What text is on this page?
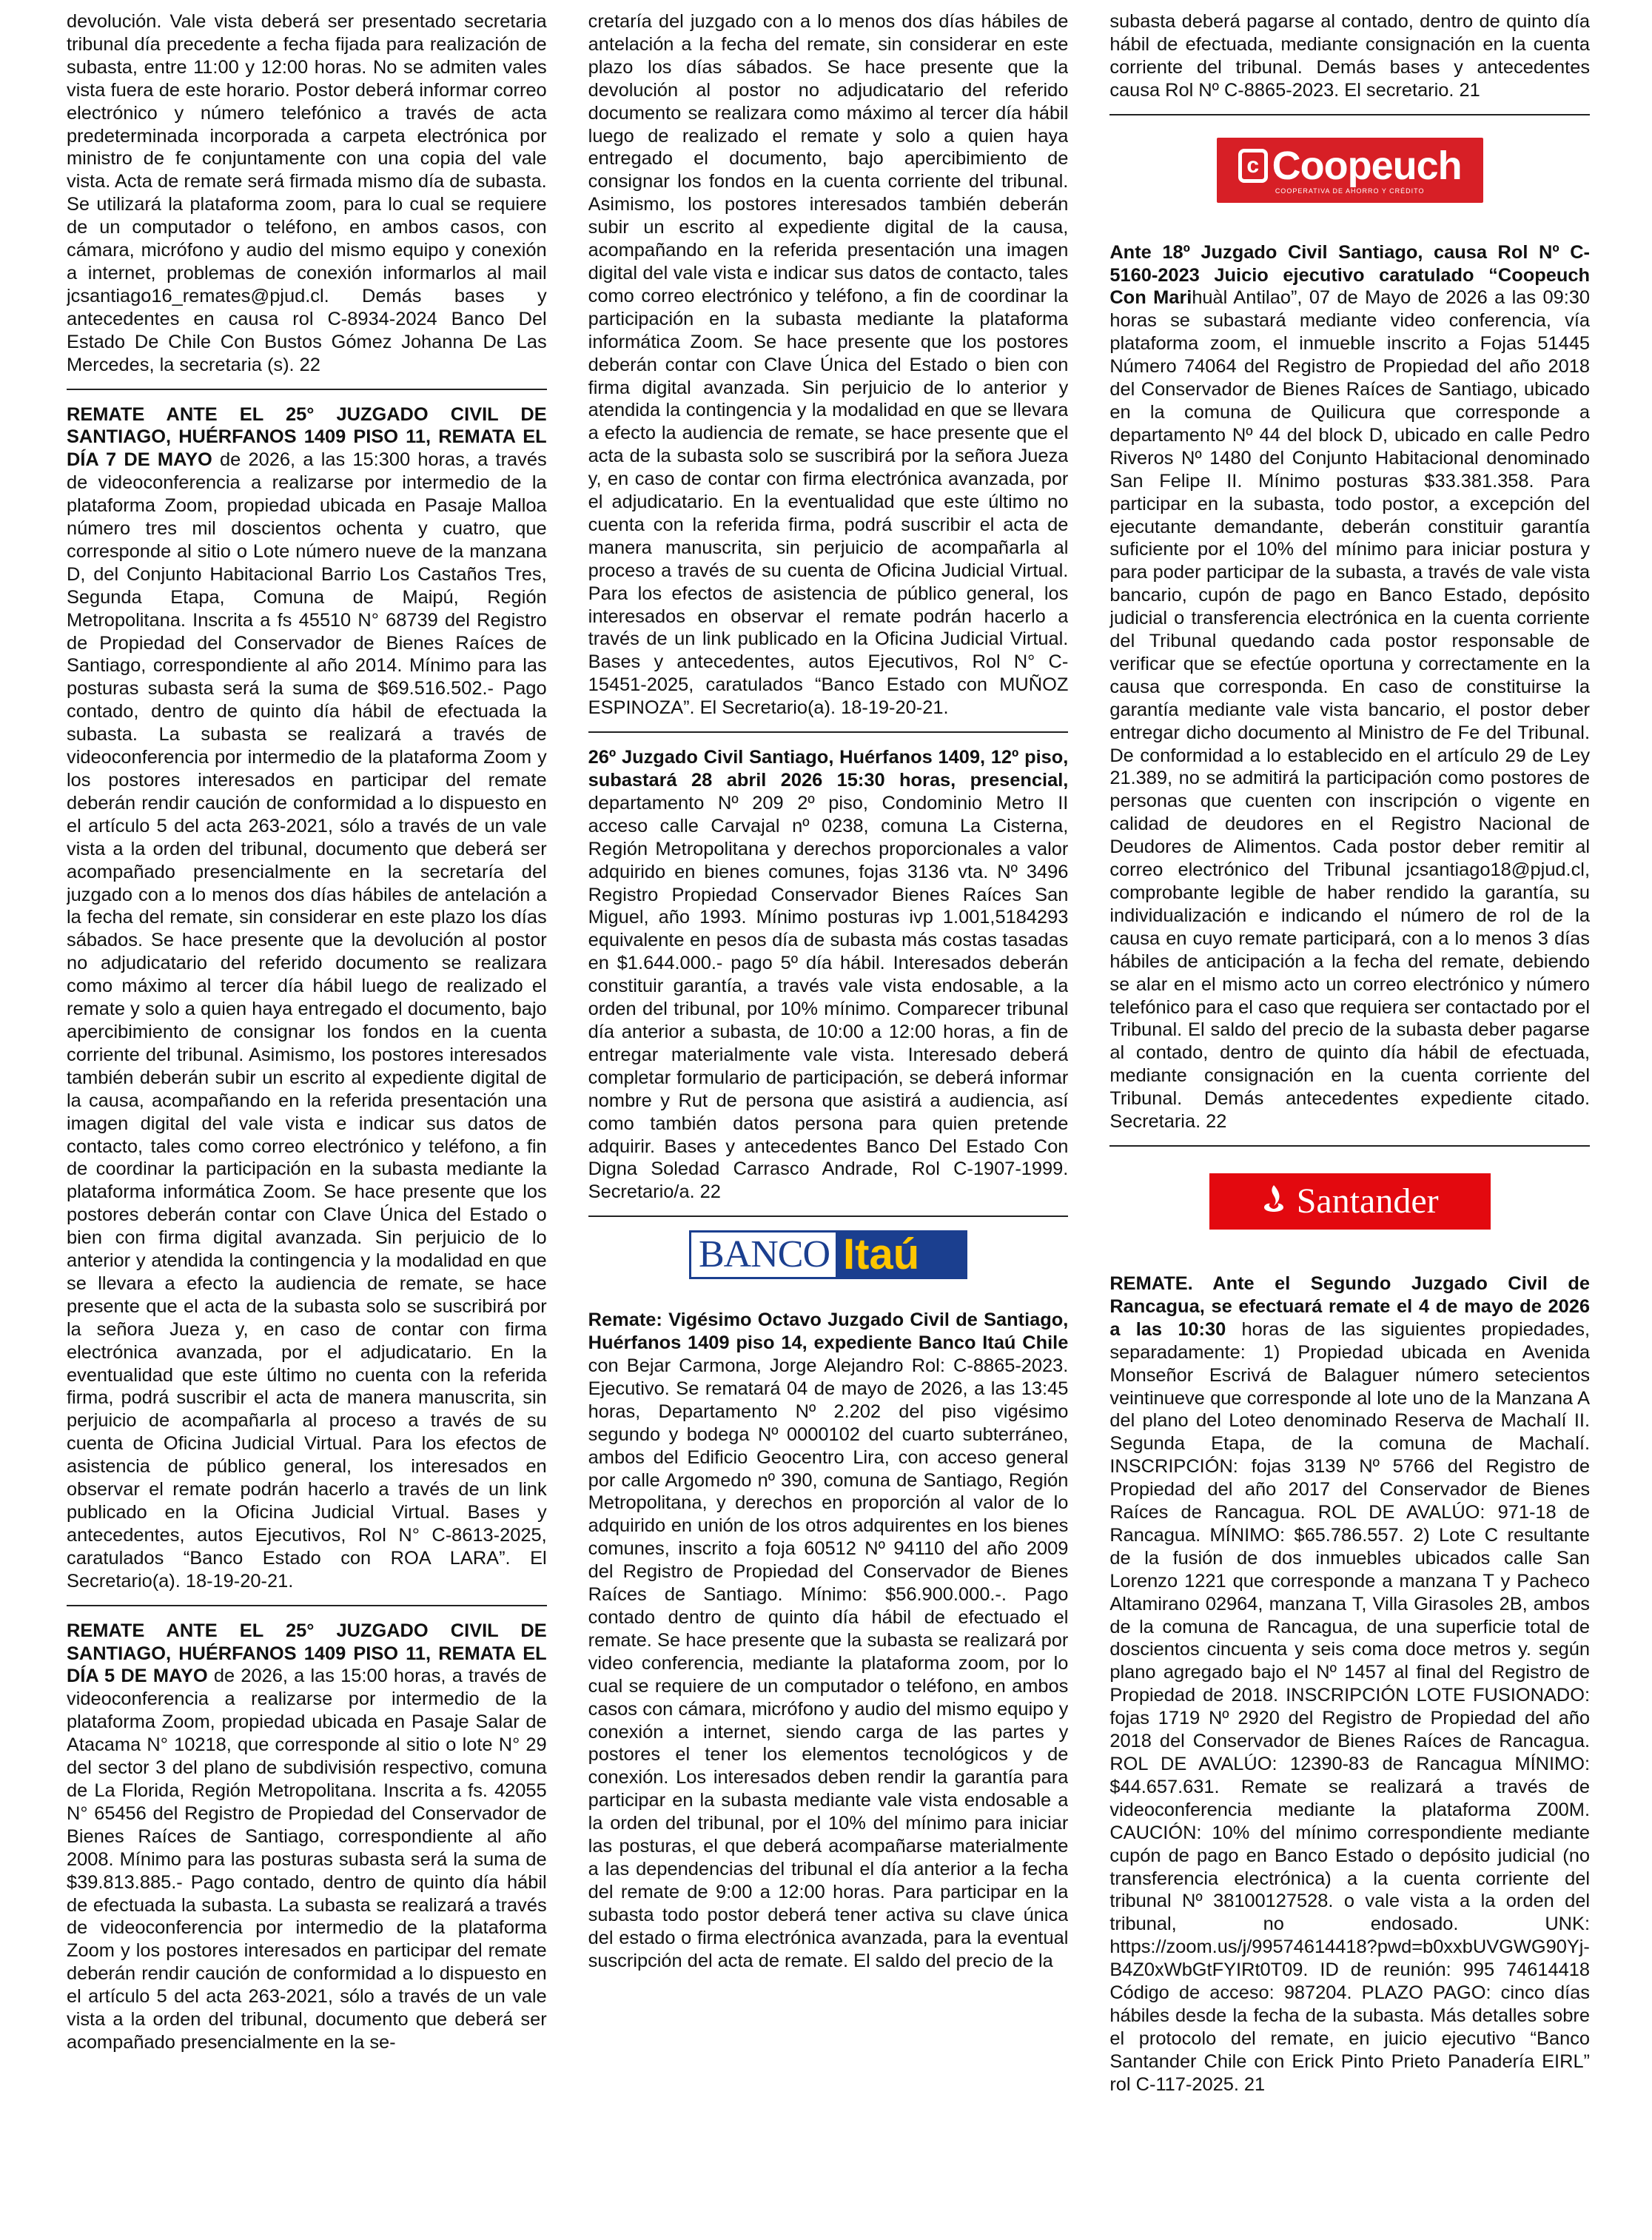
devolución. Vale vista deberá ser presentado secretaria tribunal día precedente a fecha fijada para realización de subasta, entre 11:00 y 12:00 horas. No se admiten vales vista fuera de este horario. Postor deberá informar correo electrónico y número telefónico a través de acta predeterminada incorporada a carpeta electrónica por ministro de fe conjuntamente con una copia del vale vista. Acta de remate será firmada mismo día de subasta. Se utilizará la plataforma zoom, para lo cual se requiere de un computador o teléfono, en ambos casos, con cámara, micrófono y audio del mismo equipo y conexión a internet, problemas de conexión informarlos al mail jcsantiago16_remates@pjud.cl. Demás bases y antecedentes en causa rol C-8934-2024 Banco Del Estado De Chile Con Bustos Gómez Johanna De Las Mercedes, la secretaria (s). 22

REMATE ANTE EL 25° JUZGADO CIVIL DE SANTIAGO, HUÉRFANOS 1409 PISO 11, REMATA EL DÍA 7 DE MAYO de 2026, a las 15:300 horas, a través de videoconferencia a realizarse por intermedio de la plataforma Zoom, propiedad ubicada en Pasaje Malloa número tres mil doscientos ochenta y cuatro, que corresponde al sitio o Lote número nueve de la manzana D, del Conjunto Habitacional Barrio Los Castaños Tres, Segunda Etapa, Comuna de Maipú, Región Metropolitana. Inscrita a fs 45510 N° 68739 del Registro de Propiedad del Conservador de Bienes Raíces de Santiago, correspondiente al año 2014. Mínimo para las posturas subasta será la suma de $69.516.502.- Pago contado, dentro de quinto día hábil de efectuada la subasta. La subasta se realizará a través de videoconferencia por intermedio de la plataforma Zoom y los postores interesados en participar del remate deberán rendir caución de conformidad a lo dispuesto en el artículo 5 del acta 263-2021, sólo a través de un vale vista a la orden del tribunal, documento que deberá ser acompañado presencialmente en la secretaría del juzgado con a lo menos dos días hábiles de antelación a la fecha del remate, sin considerar en este plazo los días sábados. Se hace presente que la devolución al postor no adjudicatario del referido documento se realizara como máximo al tercer día hábil luego de realizado el remate y solo a quien haya entregado el documento, bajo apercibimiento de consignar los fondos en la cuenta corriente del tribunal. Asimismo, los postores interesados también deberán subir un escrito al expediente digital de la causa, acompañando en la referida presentación una imagen digital del vale vista e indicar sus datos de contacto, tales como correo electrónico y teléfono, a fin de coordinar la participación en la subasta mediante la plataforma informática Zoom. Se hace presente que los postores deberán contar con Clave Única del Estado o bien con firma digital avanzada. Sin perjuicio de lo anterior y atendida la contingencia y la modalidad en que se llevara a efecto la audiencia de remate, se hace presente que el acta de la subasta solo se suscribirá por la señora Jueza y, en caso de contar con firma electrónica avanzada, por el adjudicatario. En la eventualidad que este último no cuenta con la referida firma, podrá suscribir el acta de manera manuscrita, sin perjuicio de acompañarla al proceso a través de su cuenta de Oficina Judicial Virtual. Para los efectos de asistencia de público general, los interesados en observar el remate podrán hacerlo a través de un link publicado en la Oficina Judicial Virtual. Bases y antecedentes, autos Ejecutivos, Rol N° C-8613-2025, caratulados “Banco Estado con ROA LARA”. El Secretario(a). 18-19-20-21.

REMATE ANTE EL 25° JUZGADO CIVIL DE SANTIAGO, HUÉRFANOS 1409 PISO 11, REMATA EL DÍA 5 DE MAYO de 2026, a las 15:00 horas, a través de videoconferencia a realizarse por intermedio de la plataforma Zoom, propiedad ubicada en Pasaje Salar de Atacama N° 10218, que corresponde al sitio o lote N° 29 del sector 3 del plano de subdivisión respectivo, comuna de La Florida, Región Metropolitana. Inscrita a fs. 42055 N° 65456 del Registro de Propiedad del Conservador de Bienes Raíces de Santiago, correspondiente al año 2008. Mínimo para las posturas subasta será la suma de $39.813.885.- Pago contado, dentro de quinto día hábil de efectuada la subasta. La subasta se realizará a través de videoconferencia por intermedio de la plataforma Zoom y los postores interesados en participar del remate deberán rendir caución de conformidad a lo dispuesto en el artículo 5 del acta 263-2021, sólo a través de un vale vista a la orden del tribunal, documento que deberá ser acompañado presencialmente en la se-

cretaría del juzgado con a lo menos dos días hábiles de antelación a la fecha del remate, sin considerar en este plazo los días sábados. Se hace presente que la devolución al postor no adjudicatario del referido documento se realizara como máximo al tercer día hábil luego de realizado el remate y solo a quien haya entregado el documento, bajo apercibimiento de consignar los fondos en la cuenta corriente del tribunal. Asimismo, los postores interesados también deberán subir un escrito al expediente digital de la causa, acompañando en la referida presentación una imagen digital del vale vista e indicar sus datos de contacto, tales como correo electrónico y teléfono, a fin de coordinar la participación en la subasta mediante la plataforma informática Zoom. Se hace presente que los postores deberán contar con Clave Única del Estado o bien con firma digital avanzada. Sin perjuicio de lo anterior y atendida la contingencia y la modalidad en que se llevara a efecto la audiencia de remate, se hace presente que el acta de la subasta solo se suscribirá por la señora Jueza y, en caso de contar con firma electrónica avanzada, por el adjudicatario. En la eventualidad que este último no cuenta con la referida firma, podrá suscribir el acta de manera manuscrita, sin perjuicio de acompañarla al proceso a través de su cuenta de Oficina Judicial Virtual. Para los efectos de asistencia de público general, los interesados en observar el remate podrán hacerlo a través de un link publicado en la Oficina Judicial Virtual. Bases y antecedentes, autos Ejecutivos, Rol N° C-15451-2025, caratulados “Banco Estado con MUÑOZ ESPINOZA”. El Secretario(a). 18-19-20-21.

26º Juzgado Civil Santiago, Huérfanos 1409, 12º piso, subastará 28 abril 2026 15:30 horas, presencial, departamento Nº 209 2º piso, Condominio Metro II acceso calle Carvajal nº 0238, comuna La Cisterna, Región Metropolitana y derechos proporcionales a valor adquirido en bienes comunes, fojas 3136 vta. Nº 3496 Registro Propiedad Conservador Bienes Raíces San Miguel, año 1993. Mínimo posturas ivp 1.001,5184293 equivalente en pesos día de subasta más costas tasadas en $1.644.000.- pago 5º día hábil. Interesados deberán constituir garantía, a través vale vista endosable, a la orden del tribunal, por 10% mínimo. Comparecer tribunal día anterior a subasta, de 10:00 a 12:00 horas, a fin de entregar materialmente vale vista. Interesado deberá completar formulario de participación, se deberá informar nombre y Rut de persona que asistirá a audiencia, así como también datos persona para quien pretende adquirir. Bases y antecedentes Banco Del Estado Con Digna Soledad Carrasco Andrade, Rol C-1907-1999. Secretario/a. 22

BANCO Itaú

Remate: Vigésimo Octavo Juzgado Civil de Santiago, Huérfanos 1409 piso 14, expediente Banco Itaú Chile con Bejar Carmona, Jorge Alejandro Rol: C-8865-2023. Ejecutivo. Se rematará 04 de mayo de 2026, a las 13:45 horas, Departamento Nº 2.202 del piso vigésimo segundo y bodega Nº 0000102 del cuarto subterráneo, ambos del Edificio Geocentro Lira, con acceso general por calle Argomedo nº 390, comuna de Santiago, Región Metropolitana, y derechos en proporción al valor de lo adquirido en unión de los otros adquirentes en los bienes comunes, inscrito a foja 60512 Nº 94110 del año 2009 del Registro de Propiedad del Conservador de Bienes Raíces de Santiago. Mínimo: $56.900.000.-. Pago contado dentro de quinto día hábil de efectuado el remate. Se hace presente que la subasta se realizará por video conferencia, mediante la plataforma zoom, por lo cual se requiere de un computador o teléfono, en ambos casos con cámara, micrófono y audio del mismo equipo y conexión a internet, siendo carga de las partes y postores el tener los elementos tecnológicos y de conexión. Los interesados deben rendir la garantía para participar en la subasta mediante vale vista endosable a la orden del tribunal, por el 10% del mínimo para iniciar las posturas, el que deberá acompañarse materialmente a las dependencias del tribunal el día anterior a la fecha del remate de 9:00 a 12:00 horas. Para participar en la subasta todo postor deberá tener activa su clave única del estado o firma electrónica avanzada, para la eventual suscripción del acta de remate. El saldo del precio de la

subasta deberá pagarse al contado, dentro de quinto día hábil de efectuada, mediante consignación en la cuenta corriente del tribunal. Demás bases y antecedentes causa Rol Nº C-8865-2023. El secretario. 21

c Coopeuch
COOPERATIVA DE AHORRO Y CRÉDITO

Ante 18º Juzgado Civil Santiago, causa Rol Nº C-5160-2023 Juicio ejecutivo caratulado “Coopeuch Con Marihuàl Antilao”, 07 de Mayo de 2026 a las 09:30 horas se subastará mediante video conferencia, vía plataforma zoom, el inmueble inscrito a Fojas 51445 Número 74064 del Registro de Propiedad del año 2018 del Conservador de Bienes Raíces de Santiago, ubicado en la comuna de Quilicura que corresponde a departamento Nº 44 del block D, ubicado en calle Pedro Riveros Nº 1480 del Conjunto Habitacional denominado San Felipe II. Mínimo posturas $33.381.358. Para participar en la subasta, todo postor, a excepción del ejecutante demandante, deberán constituir garantía suficiente por el 10% del mínimo para iniciar postura y para poder participar de la subasta, a través de vale vista bancario, cupón de pago en Banco Estado, depósito judicial o transferencia electrónica en la cuenta corriente del Tribunal quedando cada postor responsable de verificar que se efectúe oportuna y correctamente en la causa que corresponda. En caso de constituirse la garantía mediante vale vista bancario, el postor deber entregar dicho documento al Ministro de Fe del Tribunal. De conformidad a lo establecido en el artículo 29 de Ley 21.389, no se admitirá la participación como postores de personas que cuenten con inscripción o vigente en calidad de deudores en el Registro Nacional de Deudores de Alimentos. Cada postor deber remitir al correo electrónico del Tribunal jcsantiago18@pjud.cl, comprobante legible de haber rendido la garantía, su individualización e indicando el número de rol de la causa en cuyo remate participará, con a lo menos 3 días hábiles de anticipación a la fecha del remate, debiendo se alar en el mismo acto un correo electrónico y número telefónico para el caso que requiera ser contactado por el Tribunal. El saldo del precio de la subasta deber pagarse al contado, dentro de quinto día hábil de efectuada, mediante consignación en la cuenta corriente del Tribunal. Demás antecedentes expediente citado. Secretaria. 22

Santander

REMATE. Ante el Segundo Juzgado Civil de Rancagua, se efectuará remate el 4 de mayo de 2026 a las 10:30 horas de las siguientes propiedades, separadamente: 1) Propiedad ubicada en Avenida Monseñor Escrivá de Balaguer número setecientos veintinueve que corresponde al lote uno de la Manzana A del plano del Loteo denominado Reserva de Machalí II. Segunda Etapa, de la comuna de Machalí. INSCRIPCIÓN: fojas 3139 Nº 5766 del Registro de Propiedad del año 2017 del Conservador de Bienes Raíces de Rancagua. ROL DE AVALÚO: 971-18 de Rancagua. MÍNIMO: $65.786.557. 2) Lote C resultante de la fusión de dos inmuebles ubicados calle San Lorenzo 1221 que corresponde a manzana T y Pacheco Altamirano 02964, manzana T, Villa Girasoles 2B, ambos de la comuna de Rancagua, de una superficie total de doscientos cincuenta y seis coma doce metros y. según plano agregado bajo el Nº 1457 al final del Registro de Propiedad de 2018. INSCRIPCIÓN LOTE FUSIONADO: fojas 1719 Nº 2920 del Registro de Propiedad del año 2018 del Conservador de Bienes Raíces de Rancagua. ROL DE AVALÚO: 12390-83 de Rancagua MÍNIMO: $44.657.631. Remate se realizará a través de videoconferencia mediante la plataforma Z00M. CAUCIÓN: 10% del mínimo correspondiente mediante cupón de pago en Banco Estado o depósito judicial (no transferencia electrónica) a la cuenta corriente del tribunal Nº 38100127528. o vale vista a la orden del tribunal, no endosado. UNK: https://zoom.us/j/99574614418?pwd=b0xxbUVGWG90Yj-B4Z0xWbGtFYIRt0T09. ID de reunión: 995 74614418 Código de acceso: 987204. PLAZO PAGO: cinco días hábiles desde la fecha de la subasta. Más detalles sobre el protocolo del remate, en juicio ejecutivo “Banco Santander Chile con Erick Pinto Prieto Panadería EIRL” rol C-117-2025. 21
